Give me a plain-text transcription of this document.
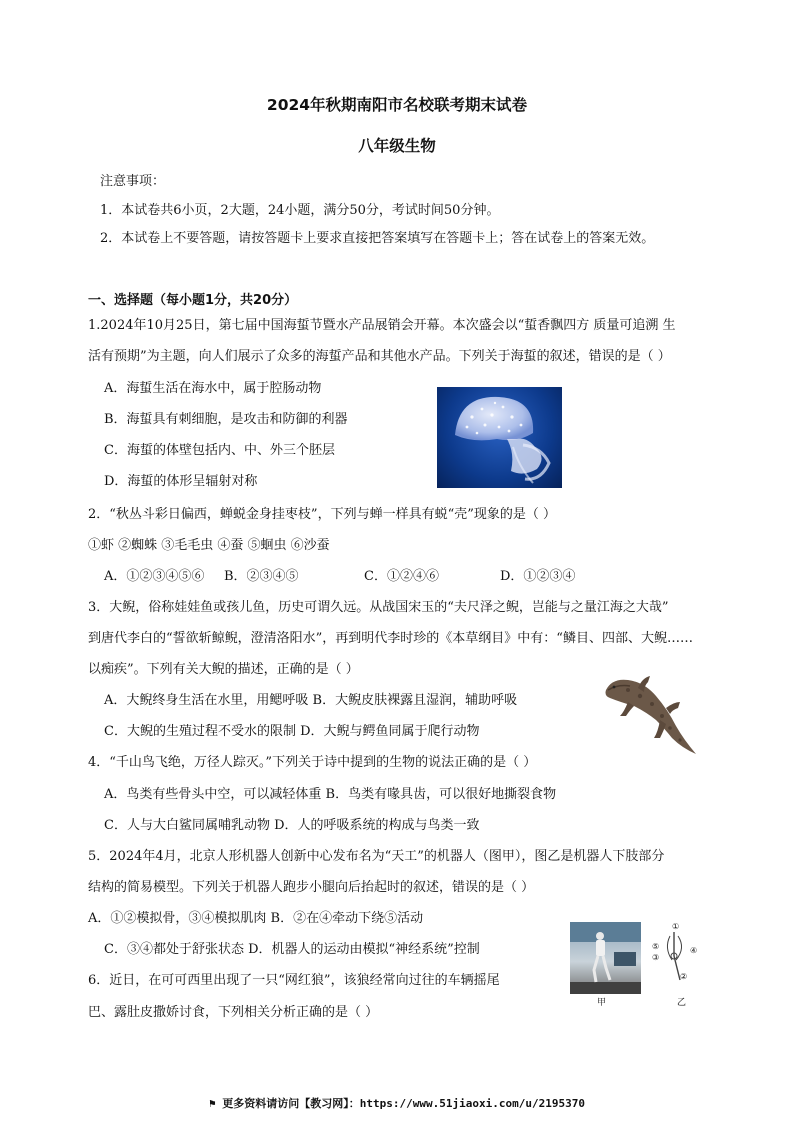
2024年秋期南阳市名校联考期末试卷
八年级生物
注意事项：
1．本试卷共6小页，2大题，24小题，满分50分，考试时间50分钟。
2．本试卷上不要答题，请按答题卡上要求直接把答案填写在答题卡上；答在试卷上的答案无效。
一、选择题（每小题1分，共20分）
1.2024年10月25日，第七届中国海蜇节暨水产品展销会开幕。本次盛会以“蜇香飘四方 质量可追溯 生
活有预期”为主题，向人们展示了众多的海蜇产品和其他水产品。下列关于海蜇的叙述，错误的是（ ）
A．海蜇生活在海水中，属于腔肠动物
B．海蜇具有刺细胞，是攻击和防御的利器
C．海蜇的体壁包括内、中、外三个胚层
D．海蜇的体形呈辐射对称
2．“秋丛斗彩日偏西，蝉蜕金身挂枣枝”，下列与蝉一样具有蜕“壳”现象的是（ ）
①虾 ②蜘蛛 ③毛毛虫 ④蚕 ⑤蛔虫 ⑥沙蚕
A．①②③④⑤⑥ B．②③④⑤	C．①②④⑥	D．①②③④
3．大鲵，俗称娃娃鱼或孩儿鱼，历史可谓久远。从战国宋玉的“夫尺泽之鲵，岂能与之量江海之大哉”
到唐代李白的“誓欲斩鲸鲵，澄清洛阳水”，再到明代李时珍的《本草纲目》中有：“鳞目、四部、大鲵……
以痴疾”。下列有关大鲵的描述，正确的是（ ）
A．大鲵终身生活在水里，用鳃呼吸 B．大鲵皮肤裸露且湿润，辅助呼吸
C．大鲵的生殖过程不受水的限制 D．大鲵与鳄鱼同属于爬行动物
4．“千山鸟飞绝，万径人踪灭。”下列关于诗中提到的生物的说法正确的是（ ）
A．鸟类有些骨头中空，可以减轻体重 B．鸟类有喙具齿，可以很好地撕裂食物
C．人与大白鲨同属哺乳动物 D．人的呼吸系统的构成与鸟类一致
5．2024年4月，北京人形机器人创新中心发布名为“天工”的机器人（图甲），图乙是机器人下肢部分
结构的简易模型。下列关于机器人跑步小腿向后抬起时的叙述，错误的是（ ）
A．①②模拟骨，③④模拟肌肉 B．②在④牵动下绕⑤活动
C．③④都处于舒张状态 D．机器人的运动由模拟“神经系统”控制
甲
①
⑤
③
④
②
乙
6．近日，在可可西里出现了一只“网红狼”，该狼经常向过往的车辆摇尾
巴、露肚皮撒娇讨食，下列相关分析正确的是（ ）
⚑ 更多资料请访问【教习网】：https://www.51jiaoxi.com/u/2195370
